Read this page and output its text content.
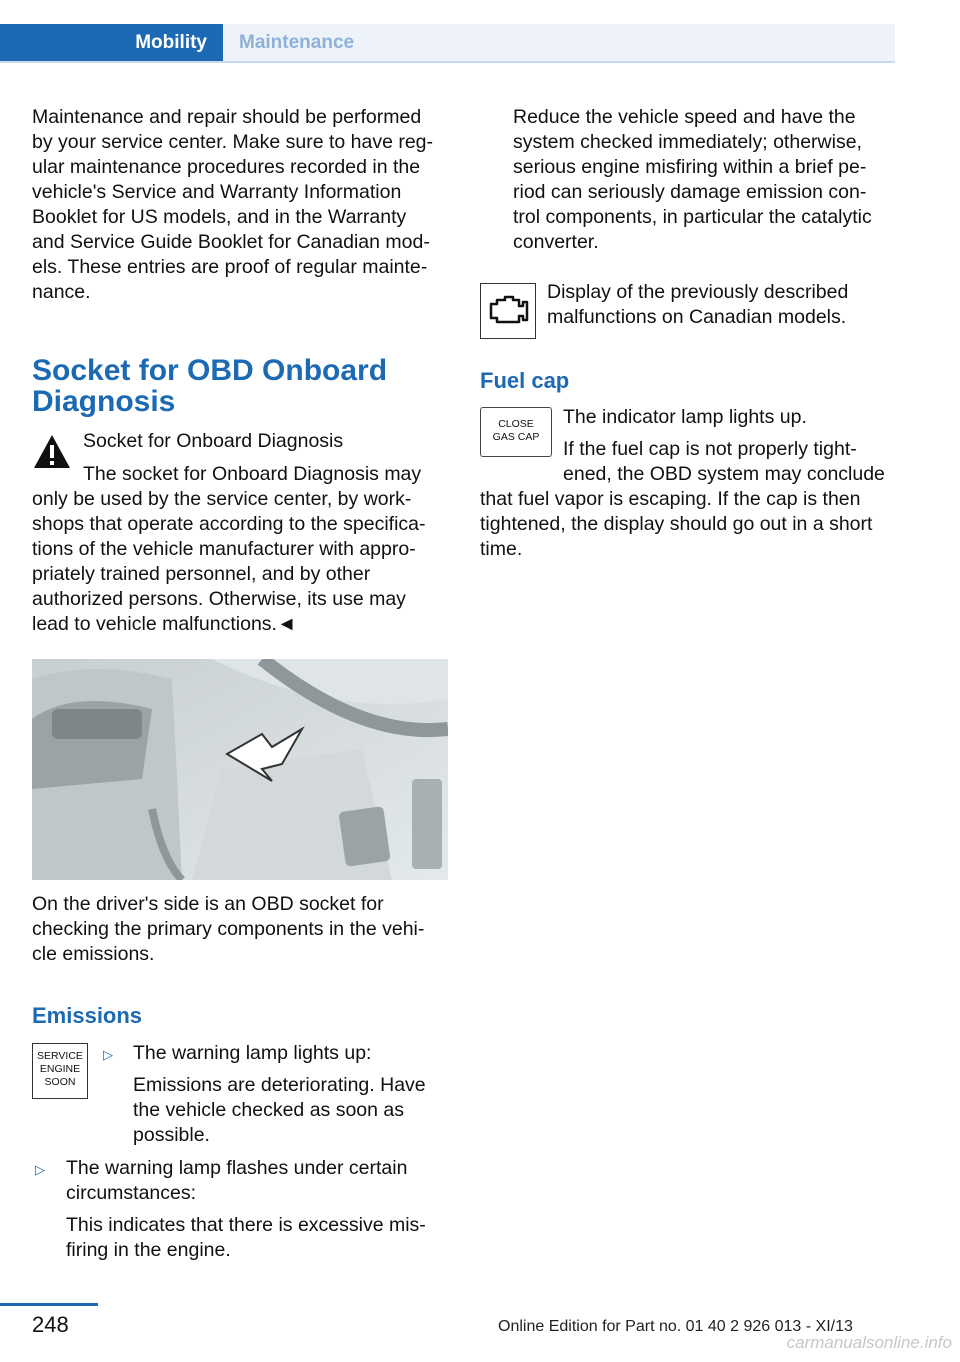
Mobility	Maintenance

Maintenance and repair should be performed by your service center. Make sure to have reg-ular maintenance procedures recorded in the vehicle's Service and Warranty Information Booklet for US models, and in the Warranty and Service Guide Booklet for Canadian mod-els. These entries are proof of regular mainte-nance.

Socket for OBD Onboard Diagnosis

Socket for Onboard Diagnosis

The socket for Onboard Diagnosis may

only be used by the service center, by work-shops that operate according to the specifica-tions of the vehicle manufacturer with appro-priately trained personnel, and by other authorized persons. Otherwise, its use may lead to vehicle malfunctions.◄

On the driver's side is an OBD socket for checking the primary components in the vehi-cle emissions.

Emissions
SERVICE
ENGINE
SOON
▷ The warning lamp lights up:

Emissions are deteriorating. Have the vehicle checked as soon as possible.

▷ The warning lamp flashes under certain circumstances:

This indicates that there is excessive mis-firing in the engine.

Reduce the vehicle speed and have the system checked immediately; otherwise, serious engine misfiring within a brief pe-riod can seriously damage emission con-trol components, in particular the catalytic converter.

Display of the previously described malfunctions on Canadian models.

Fuel cap
CLOSE
GAS CAP

The indicator lamp lights up.

If the fuel cap is not properly tight-ened, the OBD system may conclude

that fuel vapor is escaping. If the cap is then tightened, the display should go out in a short time.

248	Online Edition for Part no. 01 40 2 926 013 - XI/13
carmanualsonline.info
